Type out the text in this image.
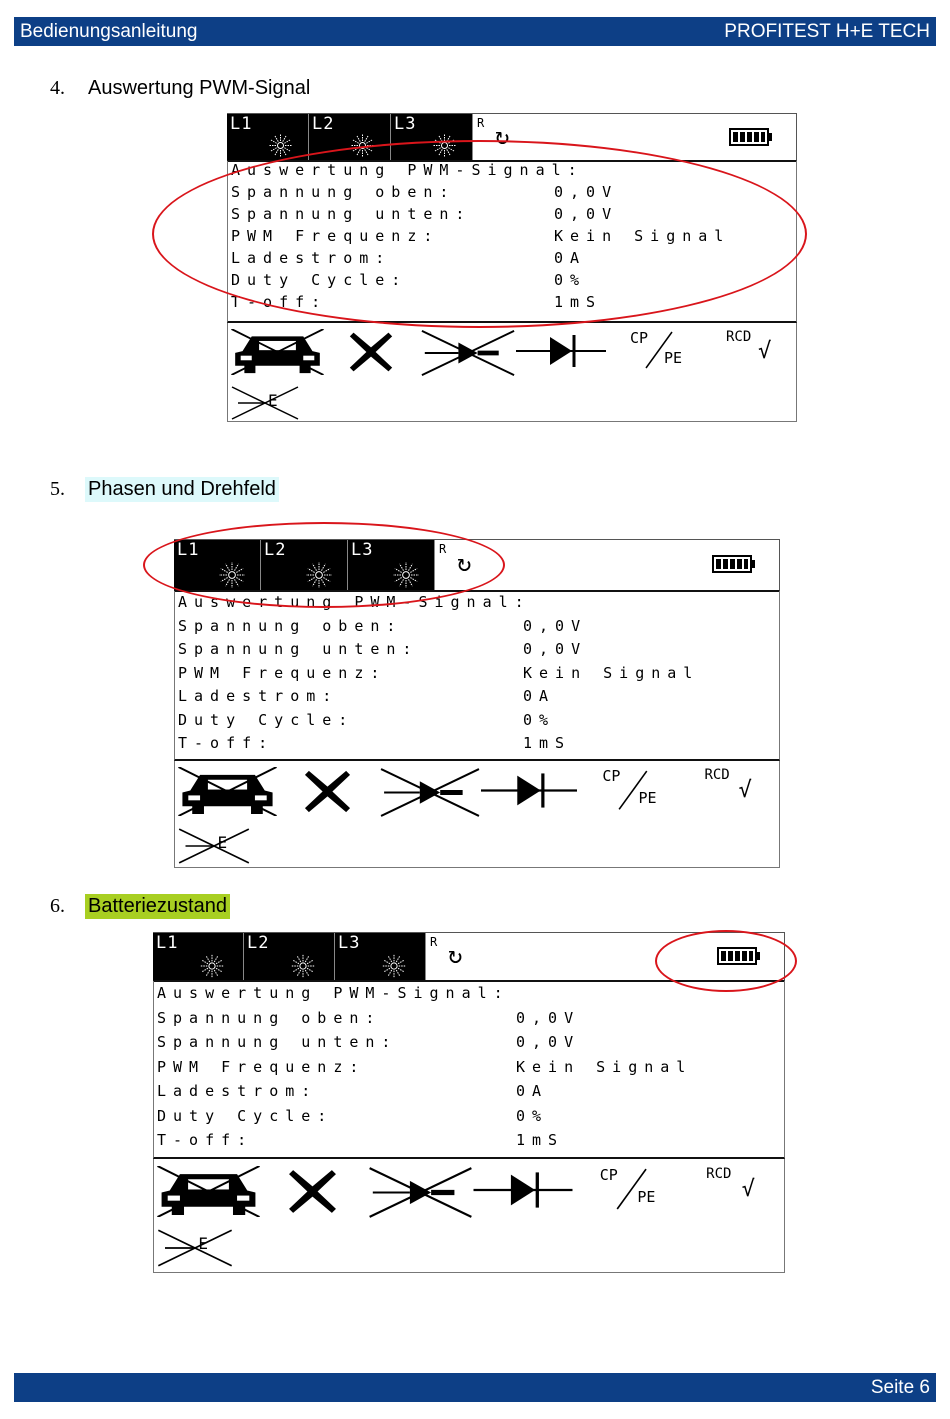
Bedienungsanleitung	PROFITEST H+E TECH
4.	Auswertung PWM-Signal
5.	Phasen und Drehfeld
6.	Batteriezustand
L1	L2	L3	R ↻
Auswertung PWM-Signal:
Spannung oben:	0,0V
Spannung unten:	0,0V
PWM Frequenz:	Kein Signal
Ladestrom:	0A
Duty Cycle:	0%
T-off:	1mS
CP
PE
RCD
√
E
L1	L2	L3	R ↻
Auswertung PWM-Signal:
Spannung oben:	0,0V
Spannung unten:	0,0V
PWM Frequenz:	Kein Signal
Ladestrom:	0A
Duty Cycle:	0%
T-off:	1mS
CP
PE
RCD
√
E
L1	L2	L3	R ↻
Auswertung PWM-Signal:
Spannung oben:	0,0V
Spannung unten:	0,0V
PWM Frequenz:	Kein Signal
Ladestrom:	0A
Duty Cycle:	0%
T-off:	1mS
CP
PE
RCD
√
E
Seite 6
